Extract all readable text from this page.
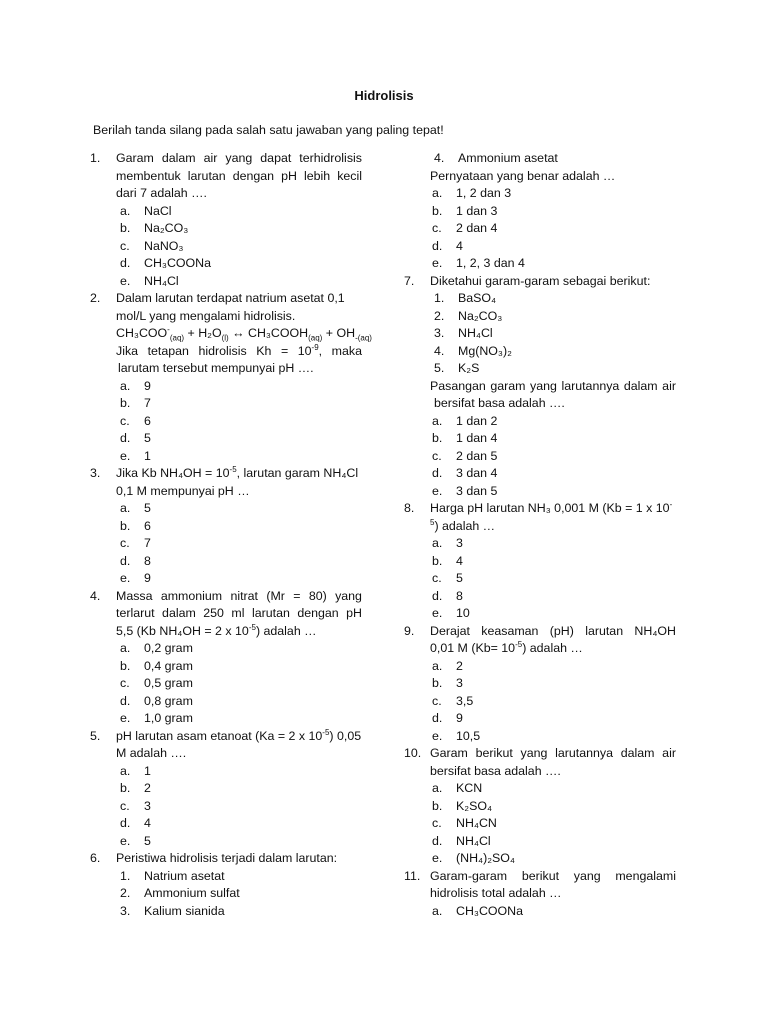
Hidrolisis
Berilah tanda silang pada salah satu jawaban yang paling tepat!
1. Garam dalam air yang dapat terhidrolisis
membentuk larutan dengan pH lebih kecil
dari 7 adalah ….
a. NaCl
b. Na₂CO₃
c. NaNO₃
d. CH₃COONa
e. NH₄Cl
2. Dalam larutan terdapat natrium asetat 0,1
mol/L yang mengalami hidrolisis.
$CH_3COO^-_{(aq)} + H_2O_{(l)}$ ↔ $CH_3COOH_{(aq)} + OH_{-(aq)}$
Jika tetapan hidrolisis $Kh = 10^{-9}$, maka
larutam tersebut mempunyai pH ….
a. 9
b. 7
c. 6
d. 5
e. 1
3. Jika Kb $NH_4OH = 10^{-5}$, larutan garam NH₄Cl
0,1 M mempunyai pH …
a. 5
b. 6
c. 7
d. 8
e. 9
4. Massa ammonium nitrat (Mr = 80) yang
terlarut dalam 250 ml larutan dengan pH
5,5 (Kb NH₄OH = 2 x $10^{-5}$) adalah …
a. 0,2 gram
b. 0,4 gram
c. 0,5 gram
d. 0,8 gram
e. 1,0 gram
5. pH larutan asam etanoat (Ka = 2 x $10^{-5}$) 0,05
M adalah ….
a. 1
b. 2
c. 3
d. 4
e. 5
6. Peristiwa hidrolisis terjadi dalam larutan:
1. Natrium asetat
2. Ammonium sulfat
3. Kalium sianida
4. Ammonium asetat
Pernyataan yang benar adalah …
a. 1, 2 dan 3
b. 1 dan 3
c. 2 dan 4
d. 4
e. 1, 2, 3 dan 4
7. Diketahui garam-garam sebagai berikut:
1. BaSO₄
2. Na₂CO₃
3. NH₄Cl
4. Mg(NO₃)₂
5. K₂S
Pasangan garam yang larutannya dalam air
bersifat basa adalah ….
a. 1 dan 2
b. 1 dan 4
c. 2 dan 5
d. 3 dan 4
e. 3 dan 5
8. Harga pH larutan NH₃ 0,001 M (Kb = 1 x 10-
$^5$) adalah …
a. 3
b. 4
c. 5
d. 8
e. 10
9. Derajat keasaman (pH) larutan NH₄OH
0,01 M $(Kb= 10^{-5})$ adalah …
a. 2
b. 3
c. 3,5
d. 9
e. 10,5
10. Garam berikut yang larutannya dalam air
bersifat basa adalah ….
a. KCN
b. K₂SO₄
c. NH₄CN
d. NH₄Cl
e. (NH₄)₂SO₄
11. Garam-garam berikut yang mengalami
hidrolisis total adalah …
a. CH₃COONa
